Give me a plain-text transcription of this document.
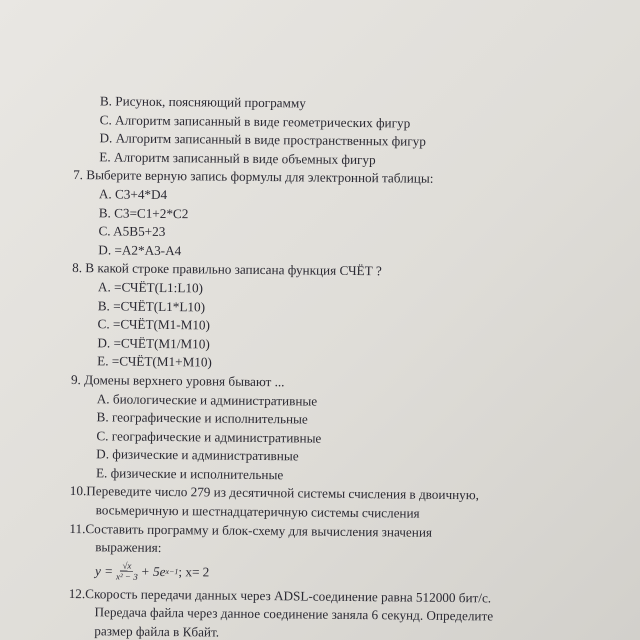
B. Рисунок, поясняющий программу
C. Алгоритм записанный в виде геометрических фигур
D. Алгоритм записанный в виде пространственных фигур
E. Алгоритм записанный в виде объемных фигур
7. Выберите верную запись формулы для электронной таблицы:
A. C3+4*D4
B. C3=C1+2*C2
C. A5B5+23
D. =A2*A3-A4
8. В какой строке правильно записана функция СЧЁТ ?
A. =СЧЁТ(L1:L10)
B. =СЧЁТ(L1*L10)
C. =СЧЁТ(M1-M10)
D. =СЧЁТ(M1/M10)
E. =СЧЁТ(M1+M10)
9. Домены верхнего уровня бывают ...
A. биологические и административные
B. географические и исполнительные
C. географические и административные
D. физические и административные
E. физические и исполнительные
10.Переведите число 279 из десятичной системы счисления в двоичную,
восьмеричную и шестнадцатеричную системы счисления
11.Составить программу и блок-схему для вычисления значения
выражения:
$y = \frac{√x}{\text{x² − 3}} + 5e$ x−1 ; x= 2
12.Скорость передачи данных через ADSL-соединение равна 512000 бит/с.
Передача файла через данное соединение заняла 6 секунд. Определите
размер файла в Кбайт.
